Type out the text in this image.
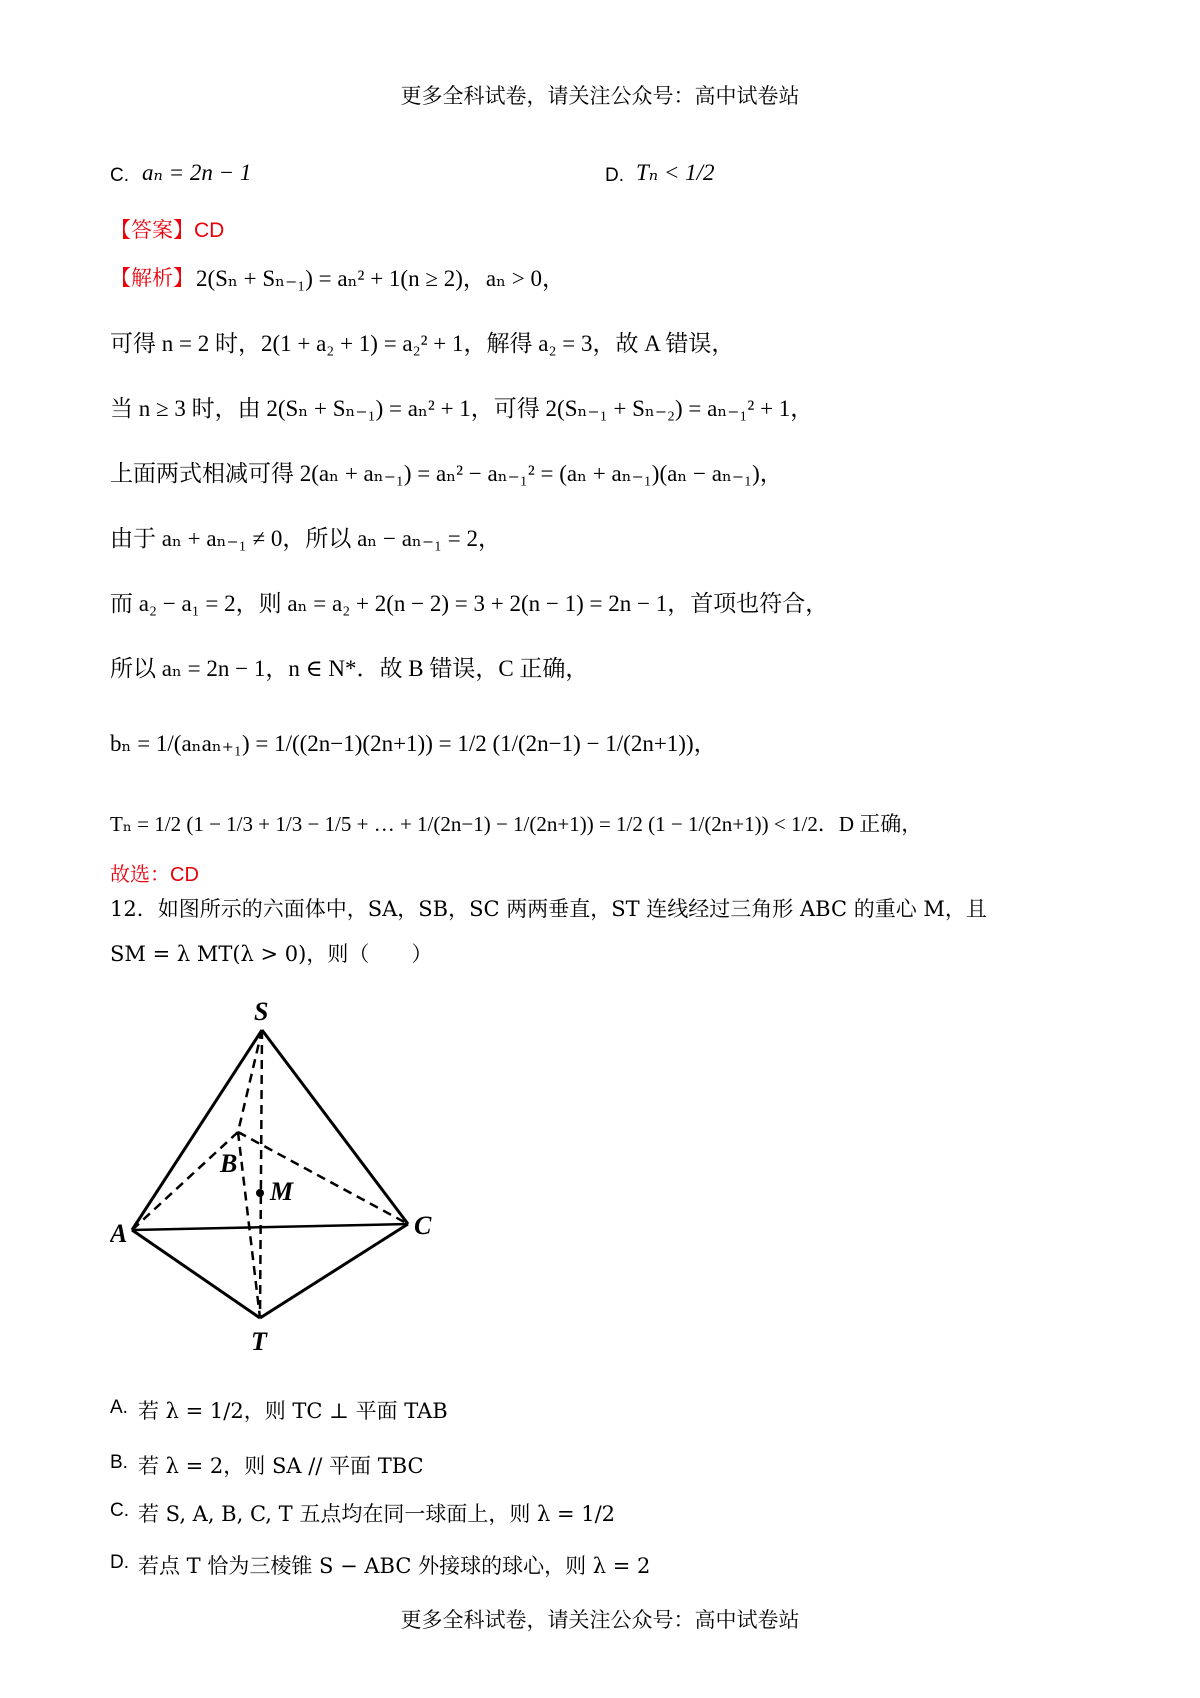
更多全科试卷，请关注公众号：高中试卷站
C. aₙ = 2n − 1	D. Tₙ < 1/2
【答案】CD
【解析】 2(Sₙ + Sₙ₋₁) = aₙ² + 1(n ≥ 2)，aₙ > 0，
可得 n = 2 时，2(1 + a₂ + 1) = a₂² + 1，解得 a₂ = 3，故 A 错误，
当 n ≥ 3 时，由 2(Sₙ + Sₙ₋₁) = aₙ² + 1，可得 2(Sₙ₋₁ + Sₙ₋₂) = aₙ₋₁² + 1，
上面两式相减可得 2(aₙ + aₙ₋₁) = aₙ² − aₙ₋₁² = (aₙ + aₙ₋₁)(aₙ − aₙ₋₁)，
由于 aₙ + aₙ₋₁ ≠ 0，所以 aₙ − aₙ₋₁ = 2，
而 a₂ − a₁ = 2，则 aₙ = a₂ + 2(n − 2) = 3 + 2(n − 1) = 2n − 1，首项也符合，
所以 aₙ = 2n − 1，n ∈ N*．故 B 错误，C 正确，
bₙ = 1/(aₙaₙ₊₁) = 1/((2n−1)(2n+1)) = 1/2 (1/(2n−1) − 1/(2n+1))，
Tₙ = 1/2 (1 − 1/3 + 1/3 − 1/5 + … + 1/(2n−1) − 1/(2n+1)) = 1/2 (1 − 1/(2n+1)) < 1/2．D 正确，
故选：CD
12．如图所示的六面体中，SA，SB，SC 两两垂直，ST 连线经过三角形 ABC 的重心 M，且
SM = λ MT(λ > 0)，则（　　）
S
A
B
C
M
T
A. 若 λ = 1/2，则 TC ⊥ 平面 TAB
B. 若 λ = 2，则 SA // 平面 TBC
C. 若 S, A, B, C, T 五点均在同一球面上，则 λ = 1/2
D. 若点 T 恰为三棱锥 S − ABC 外接球的球心，则 λ = 2
更多全科试卷，请关注公众号：高中试卷站
